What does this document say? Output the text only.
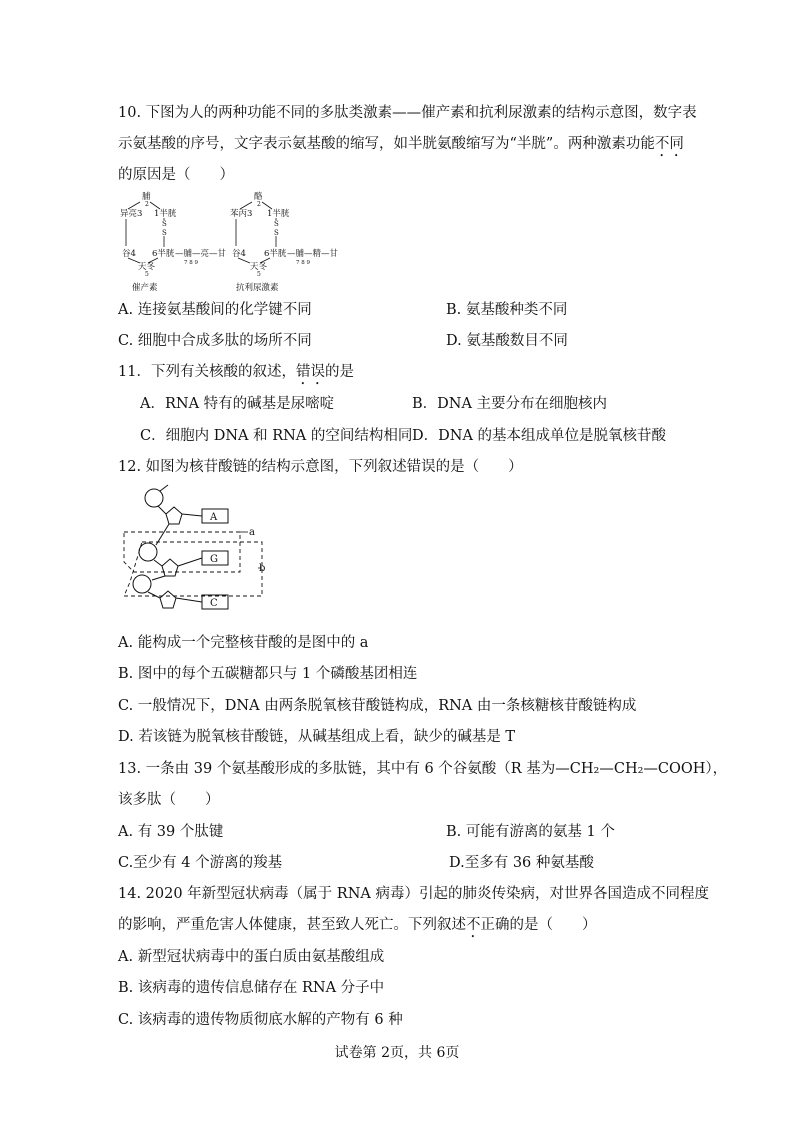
10. 下图为人的两种功能不同的多肽类激素——催产素和抗利尿激素的结构示意图，数字表
示氨基酸的序号，文字表示氨基酸的缩写，如半胱氨酸缩写为“半胱”。两种激素功能不同
的原因是（　　）
脯
2
异亮3 1半胱
S
S
谷4 6半胱 —脯—亮—甘
7 8 9
天冬
5
催产素
酪
2
苯丙3 1半胱
S
S
谷4 6半胱 —脯—精—甘
7 8 9
天冬
5
抗利尿激素
A. 连接氨基酸间的化学键不同	B. 氨基酸种类不同
C. 细胞中合成多肽的场所不同	D. 氨基酸数目不同
11．下列有关核酸的叙述，错误的是
A．RNA 特有的碱基是尿嘧啶	B．DNA 主要分布在细胞核内
C．细胞内 DNA 和 RNA 的空间结构相同 D．DNA 的基本组成单位是脱氧核苷酸
12. 如图为核苷酸链的结构示意图，下列叙述错误的是（　　）
A
G
C
a
b
A. 能构成一个完整核苷酸的是图中的 a
B. 图中的每个五碳糖都只与 1 个磷酸基团相连
C. 一般情况下，DNA 由两条脱氧核苷酸链构成，RNA 由一条核糖核苷酸链构成
D. 若该链为脱氧核苷酸链，从碱基组成上看，缺少的碱基是 T
13. 一条由 39 个氨基酸形成的多肽链，其中有 6 个谷氨酸（R 基为—CH₂—CH₂—COOH），
该多肽（　　）
A. 有 39 个肽键	B. 可能有游离的氨基 1 个
C.至少有 4 个游离的羧基	D.至多有 36 种氨基酸
14. 2020 年新型冠状病毒（属于 RNA 病毒）引起的肺炎传染病，对世界各国造成不同程度
的影响，严重危害人体健康，甚至致人死亡。下列叙述不正确的是（　　）
A. 新型冠状病毒中的蛋白质由氨基酸组成
B. 该病毒的遗传信息储存在 RNA 分子中
C. 该病毒的遗传物质彻底水解的产物有 6 种
试卷第 2页，共 6页
